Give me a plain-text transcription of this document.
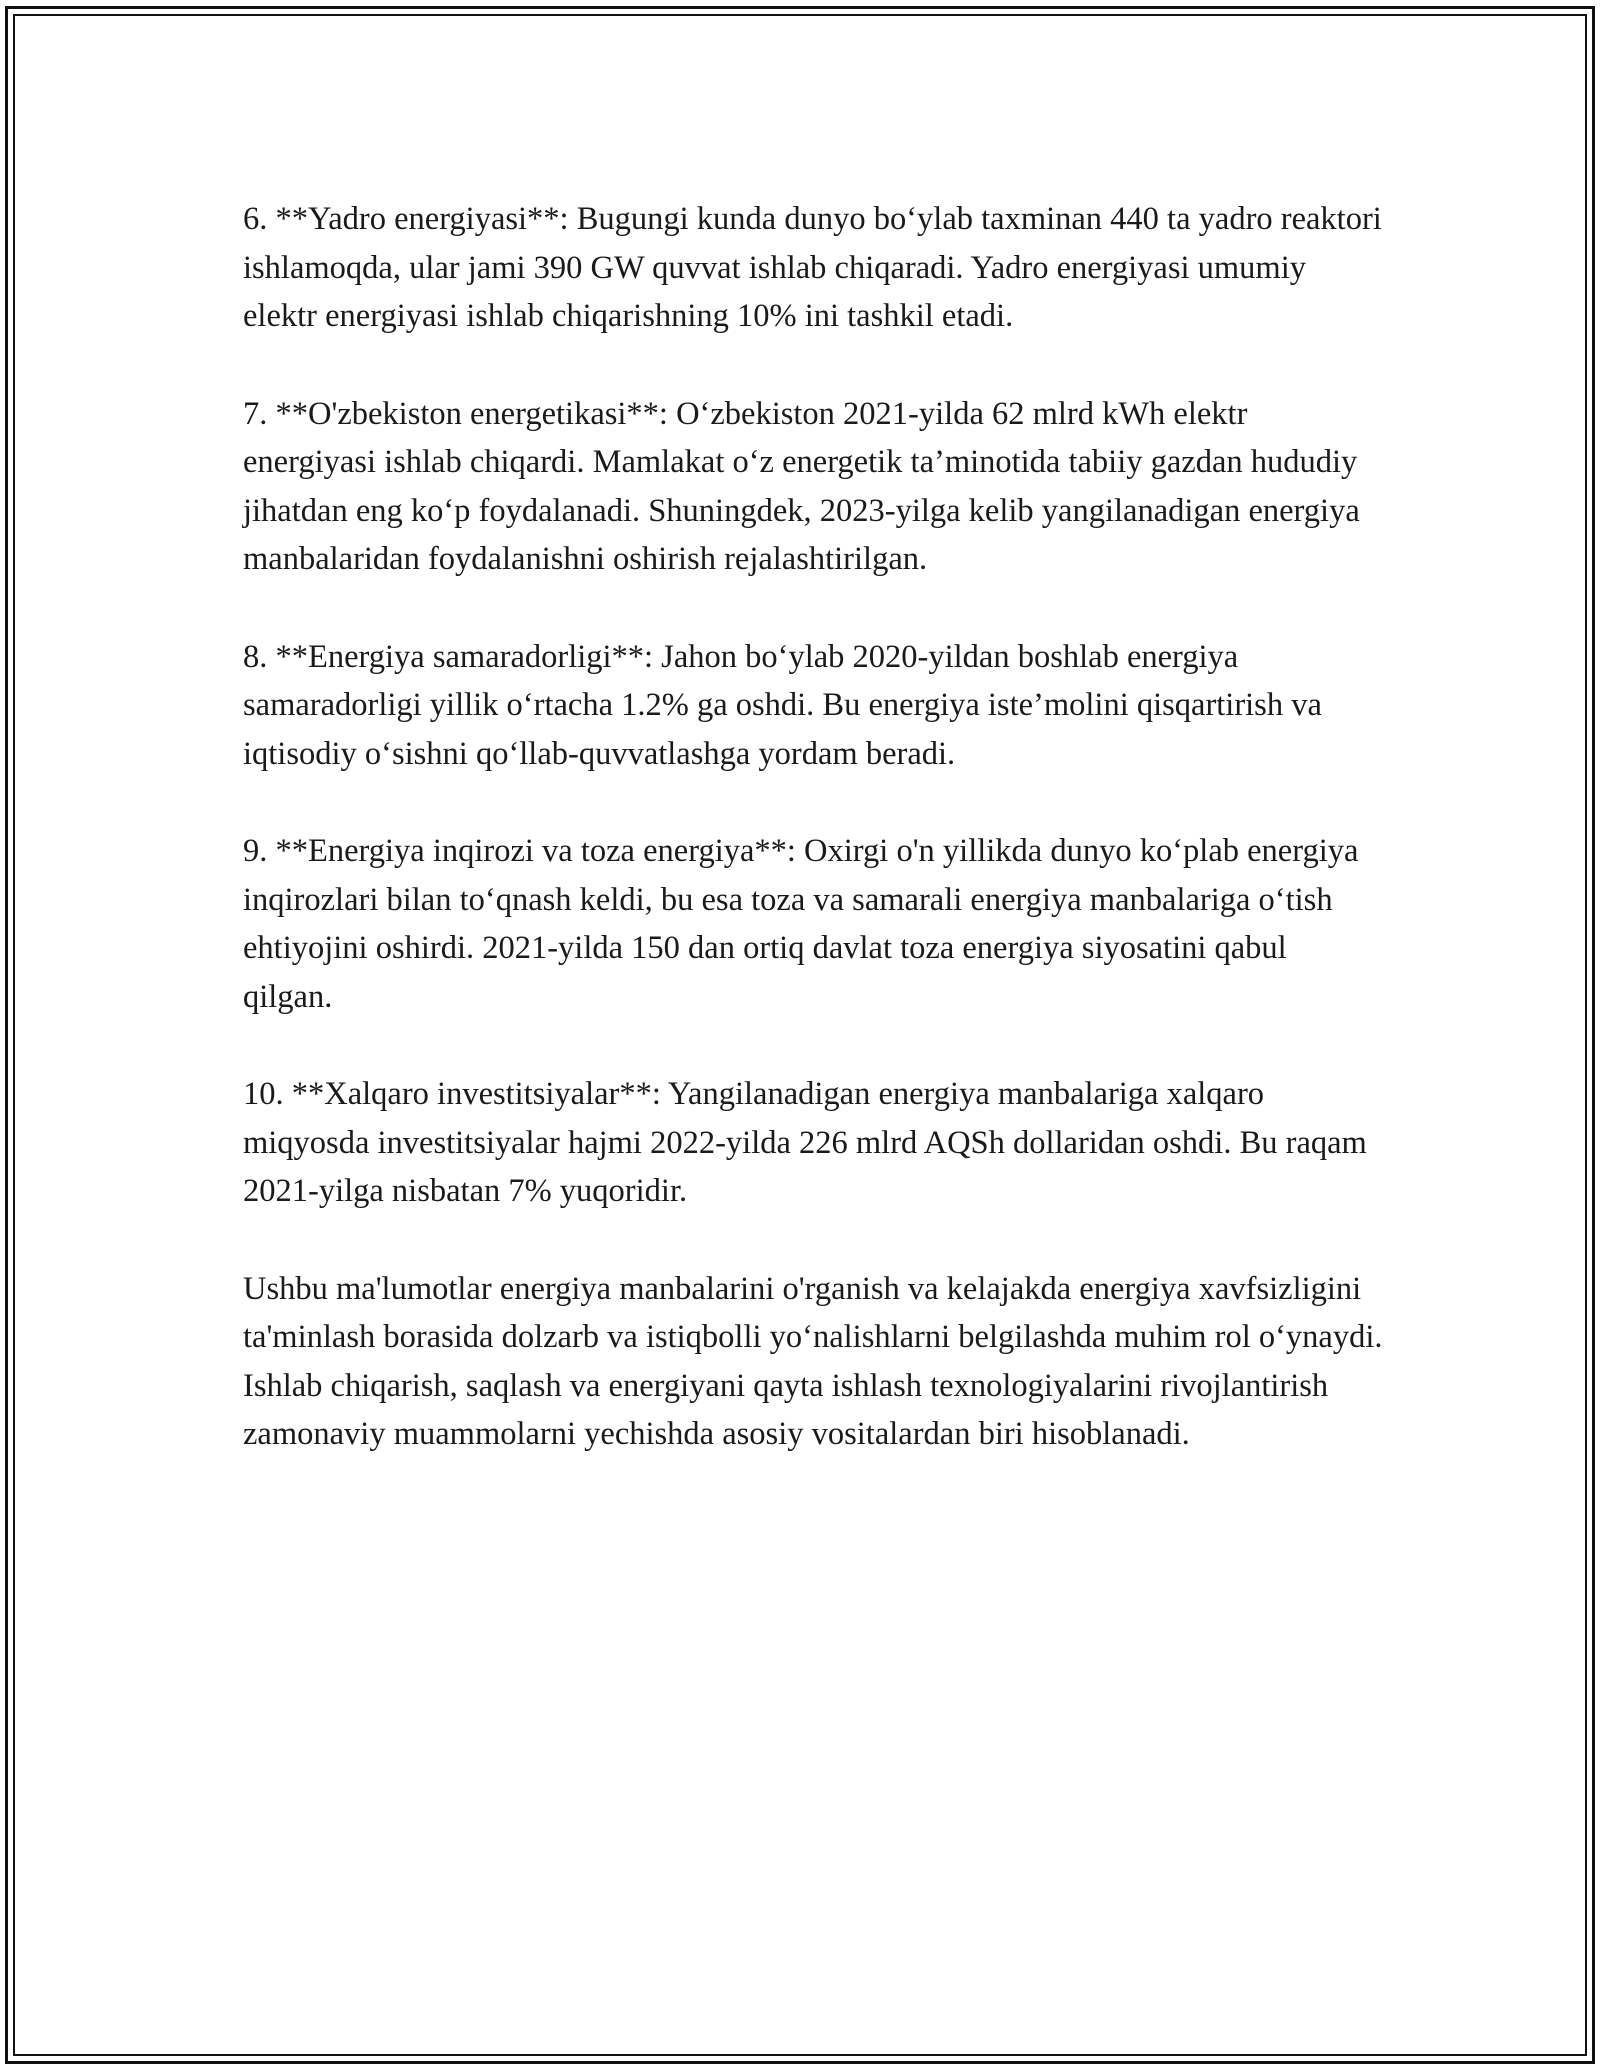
6. **Yadro energiyasi**: Bugungi kunda dunyo bo‘ylab taxminan 440 ta yadro reaktori ishlamoqda, ular jami 390 GW quvvat ishlab chiqaradi. Yadro energiyasi umumiy elektr energiyasi ishlab chiqarishning 10% ini tashkil etadi.

7. **O'zbekiston energetikasi**: O‘zbekiston 2021-yilda 62 mlrd kWh elektr energiyasi ishlab chiqardi. Mamlakat o‘z energetik ta’minotida tabiiy gazdan hududiy jihatdan eng ko‘p foydalanadi. Shuningdek, 2023-yilga kelib yangilanadigan energiya manbalaridan foydalanishni oshirish rejalashtirilgan.

8. **Energiya samaradorligi**: Jahon bo‘ylab 2020-yildan boshlab energiya samaradorligi yillik o‘rtacha 1.2% ga oshdi. Bu energiya iste’molini qisqartirish va iqtisodiy o‘sishni qo‘llab-quvvatlashga yordam beradi.

9. **Energiya inqirozi va toza energiya**: Oxirgi o'n yillikda dunyo ko‘plab energiya inqirozlari bilan to‘qnash keldi, bu esa toza va samarali energiya manbalariga o‘tish ehtiyojini oshirdi. 2021-yilda 150 dan ortiq davlat toza energiya siyosatini qabul qilgan.

10. **Xalqaro investitsiyalar**: Yangilanadigan energiya manbalariga xalqaro miqyosda investitsiyalar hajmi 2022-yilda 226 mlrd AQSh dollaridan oshdi. Bu raqam 2021-yilga nisbatan 7% yuqoridir.

Ushbu ma'lumotlar energiya manbalarini o'rganish va kelajakda energiya xavfsizligini ta'minlash borasida dolzarb va istiqbolli yo‘nalishlarni belgilashda muhim rol o‘ynaydi. Ishlab chiqarish, saqlash va energiyani qayta ishlash texnologiyalarini rivojlantirish zamonaviy muammolarni yechishda asosiy vositalardan biri hisoblanadi.
